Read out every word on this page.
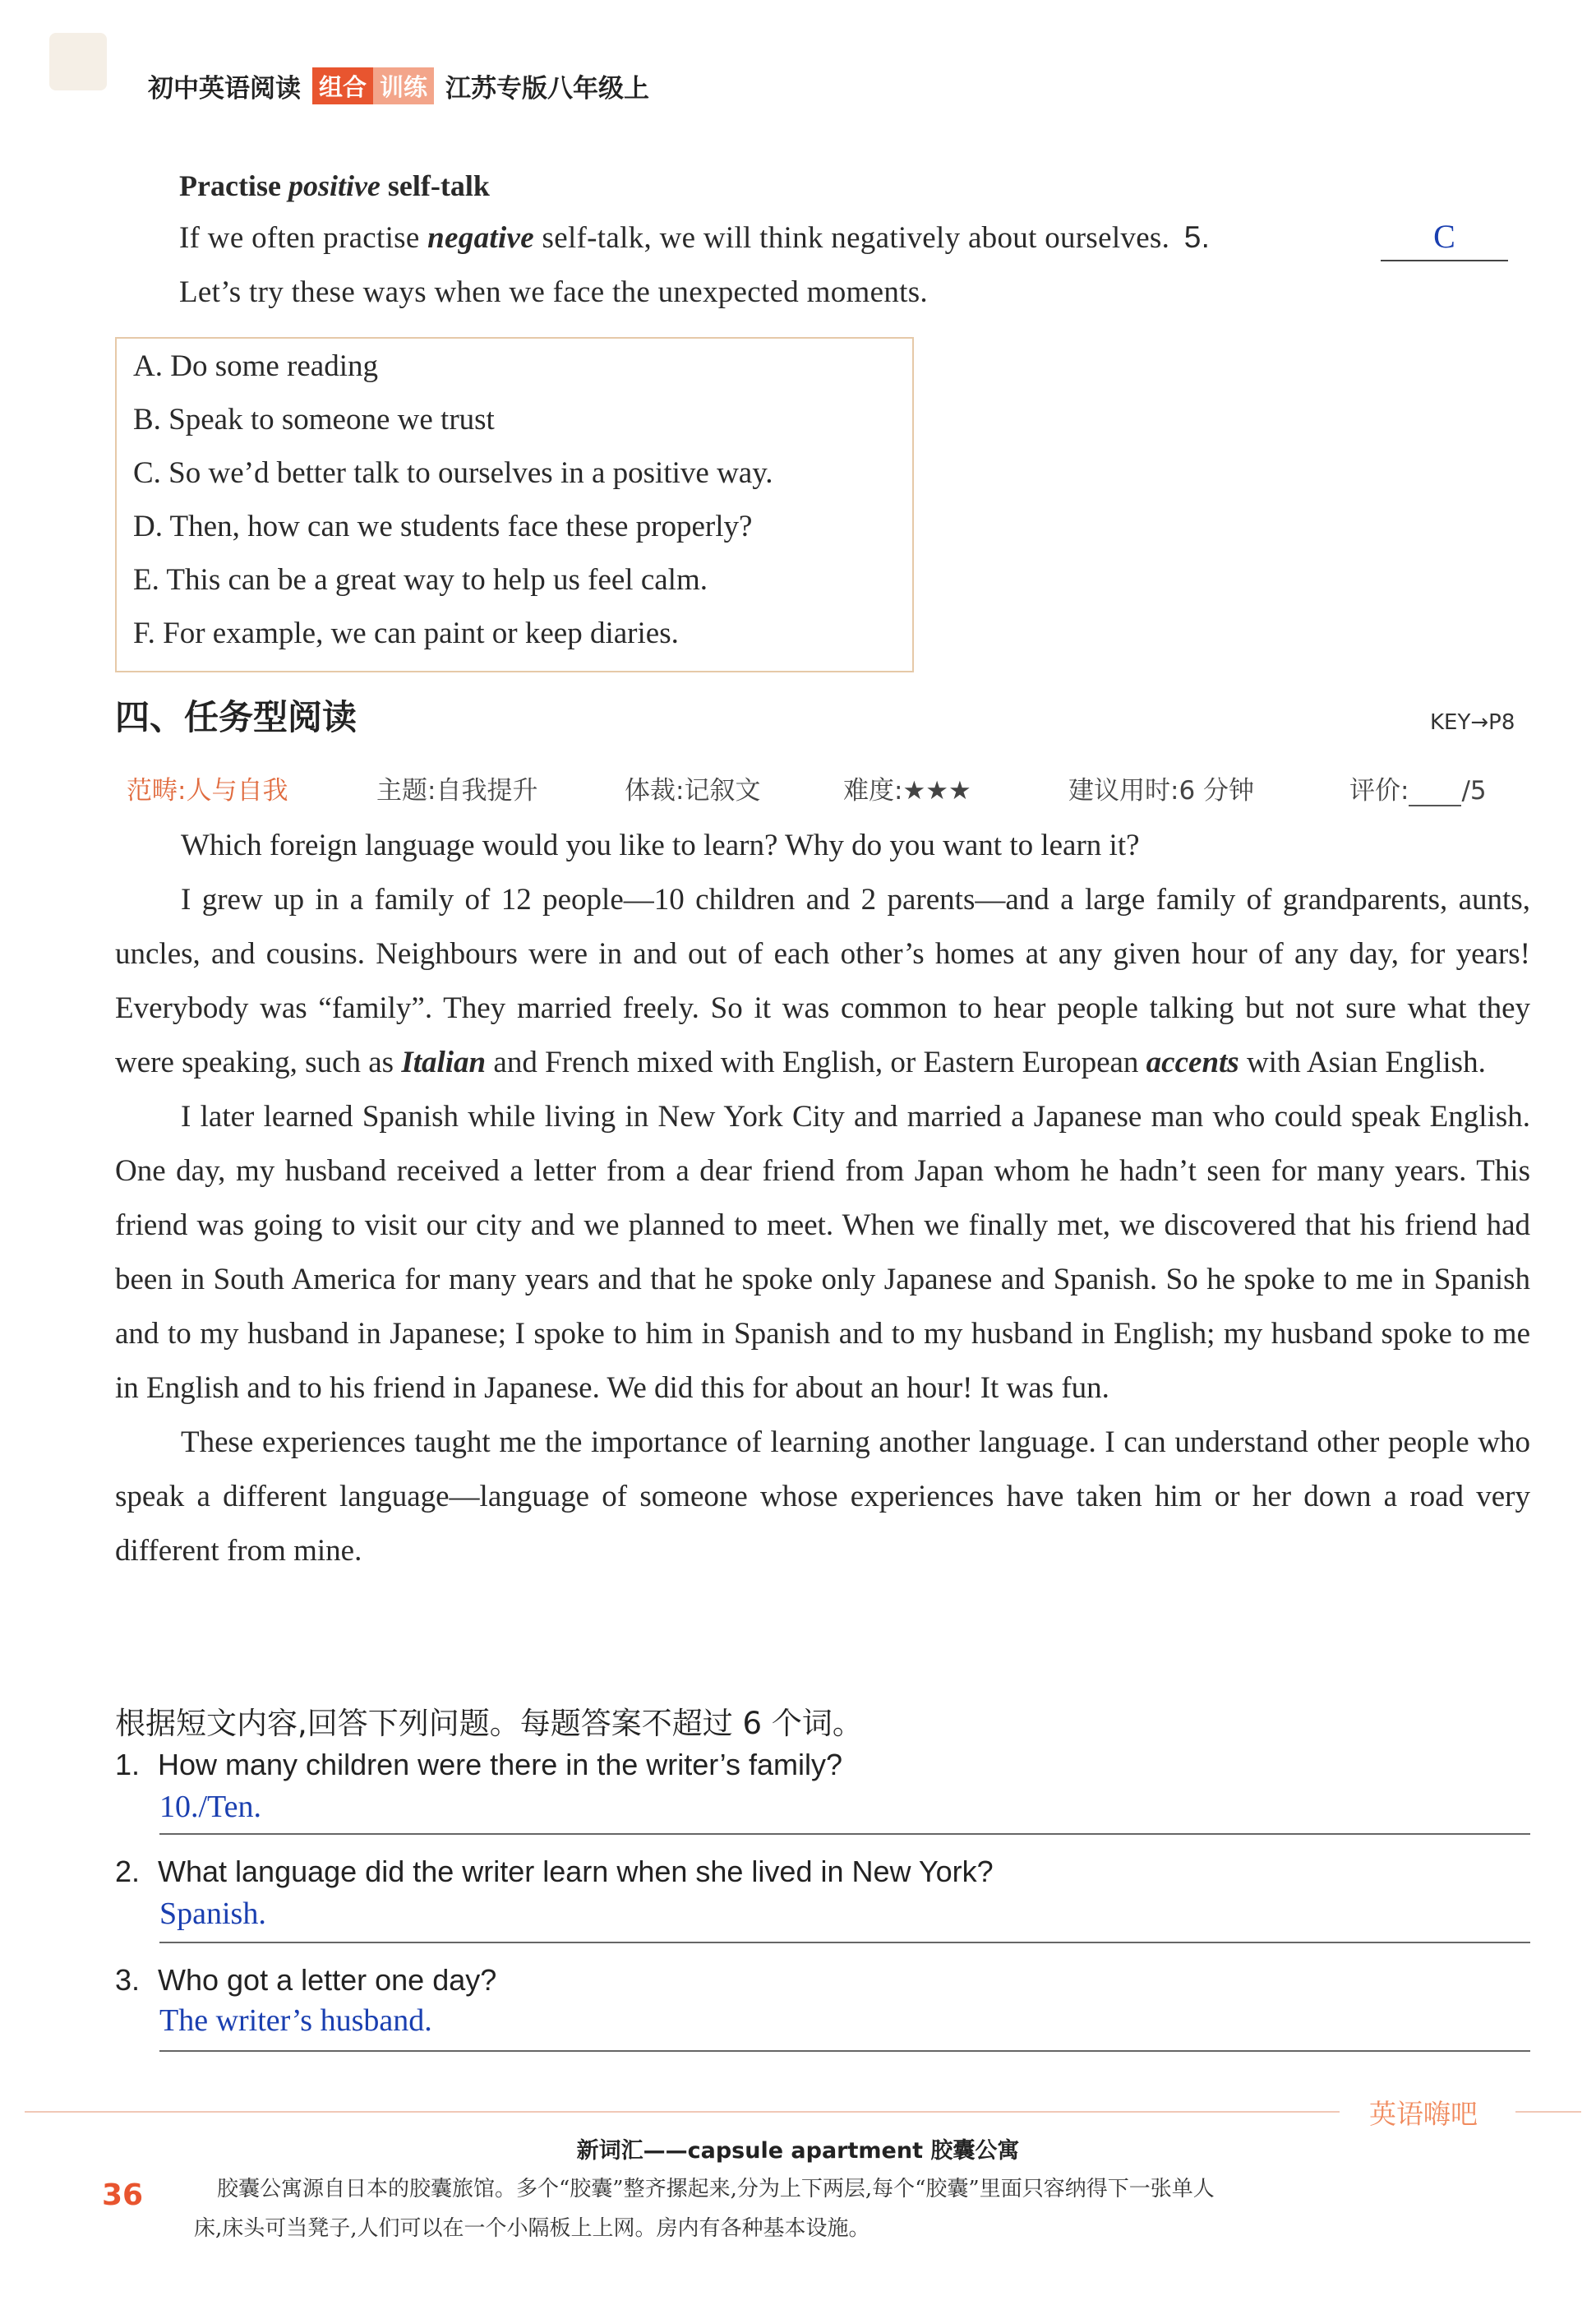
初中英语阅读 组合 训练 江苏专版八年级上
Practise positive self-talk
If we often practise negative self-talk, we will think negatively about ourselves. 5.	C
Let’s try these ways when we face the unexpected moments.
A. Do some reading
B. Speak to someone we trust
C. So we’d better talk to ourselves in a positive way.
D. Then, how can we students face these properly?
E. This can be a great way to help us feel calm.
F. For example, we can paint or keep diaries.
四、任务型阅读	KEY→P8
范畴:人与自我	主题:自我提升	体裁:记叙文	难度:★★★	建议用时:6 分钟	评价: /5

Which foreign language would you like to learn? Why do you want to learn it?

I grew up in a family of 12 people—10 children and 2 parents—and a large family of grandparents, aunts, uncles, and cousins. Neighbours were in and out of each other’s homes at any given hour of any day, for years! Everybody was “family”. They married freely. So it was common to hear people talking but not sure what they were speaking, such as Italian and French mixed with English, or Eastern European accents with Asian English.

I later learned Spanish while living in New York City and married a Japanese man who could speak English. One day, my husband received a letter from a dear friend from Japan whom he hadn’t seen for many years. This friend was going to visit our city and we planned to meet. When we finally met, we discovered that his friend had been in South America for many years and that he spoke only Japanese and Spanish. So he spoke to me in Spanish and to my husband in Japanese; I spoke to him in Spanish and to my husband in English; my husband spoke to me in English and to his friend in Japanese. We did this for about an hour! It was fun.

These experiences taught me the importance of learning another language. I can understand other people who speak a different language—language of someone whose experiences have taken him or her down a road very different from mine.

根据短文内容,回答下列问题。每题答案不超过 6 个词。
1. How many children were there in the writer’s family?
10./Ten.
2. What language did the writer learn when she lived in New York?
Spanish.
3. Who got a letter one day?
The writer’s husband.
英语嗨吧
新词汇——capsule apartment 胶囊公寓
胶囊公寓源自日本的胶囊旅馆。多个“胶囊”整齐摞起来,分为上下两层,每个“胶囊”里面只容纳得下一张单人
床,床头可当凳子,人们可以在一个小隔板上上网。房内有各种基本设施。
36
